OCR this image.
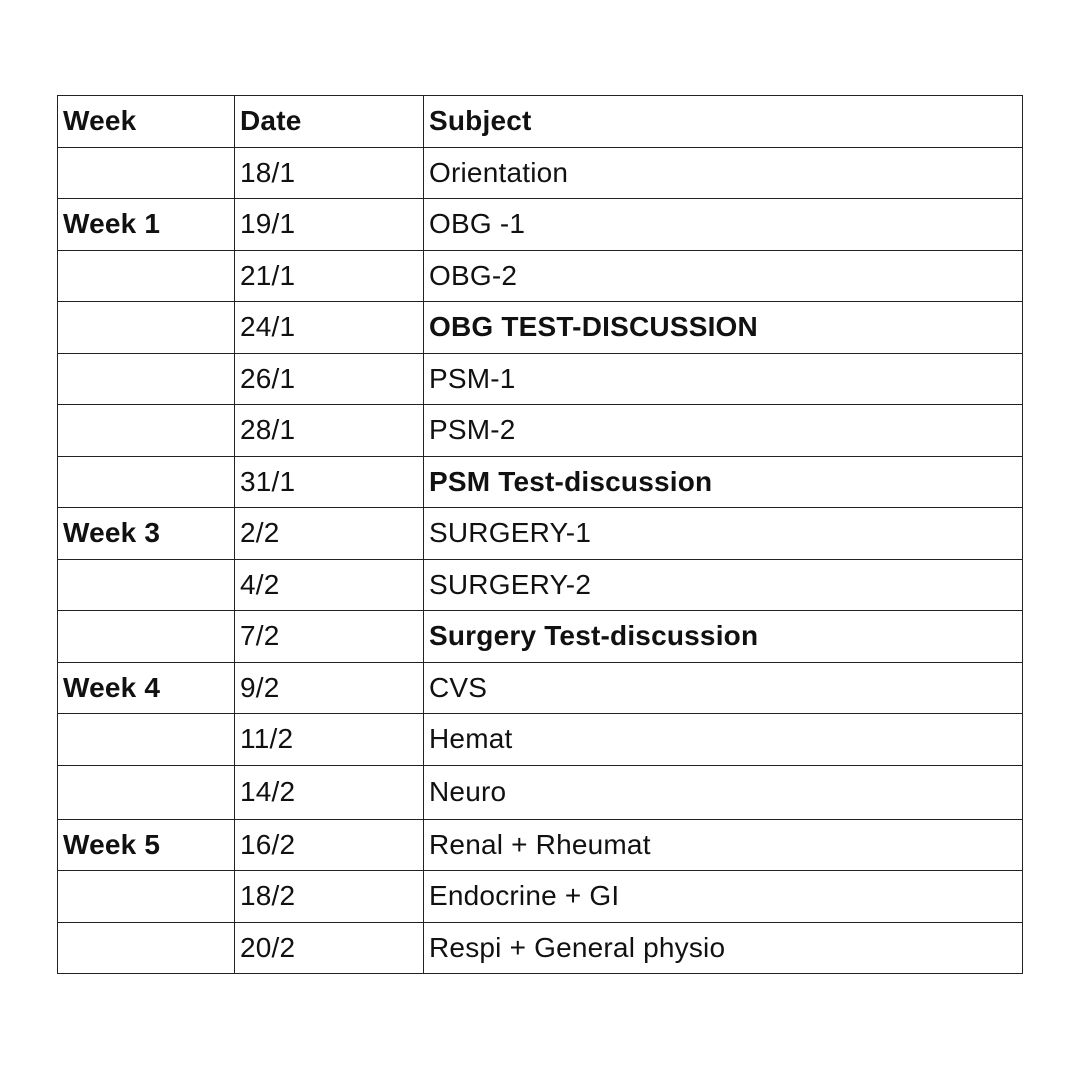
Week	Date	Subject
	18/1	Orientation
Week 1	19/1	OBG -1
	21/1	OBG-2
	24/1	OBG TEST-DISCUSSION
	26/1	PSM-1
	28/1	PSM-2
	31/1	PSM Test-discussion
Week 3	2/2	SURGERY-1
	4/2	SURGERY-2
	7/2	Surgery Test-discussion
Week 4	9/2	CVS
	11/2	Hemat
	14/2	Neuro
Week 5	16/2	Renal + Rheumat
	18/2	Endocrine + GI
	20/2	Respi + General physio
